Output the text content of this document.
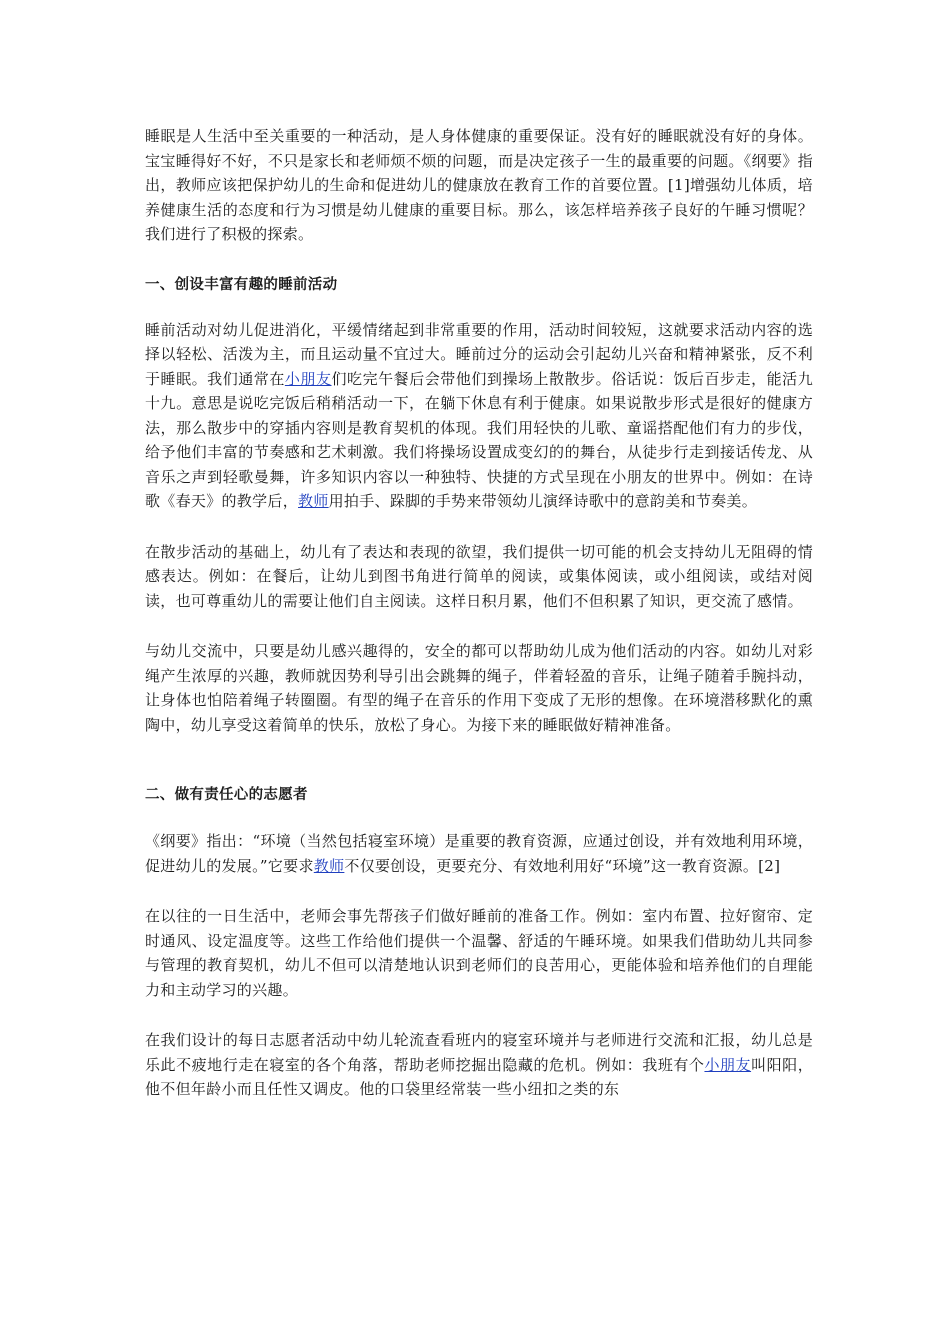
睡眠是人生活中至关重要的一种活动，是人身体健康的重要保证。没有好的睡眠就没有好的身体。宝宝睡得好不好，不只是家长和老师烦不烦的问题，而是决定孩子一生的最重要的问题。《纲要》指出，教师应该把保护幼儿的生命和促进幼儿的健康放在教育工作的首要位置。[1]增强幼儿体质，培养健康生活的态度和行为习惯是幼儿健康的重要目标。那么，该怎样培养孩子良好的午睡习惯呢？我们进行了积极的探索。

一、创设丰富有趣的睡前活动

睡前活动对幼儿促进消化，平缓情绪起到非常重要的作用，活动时间较短，这就要求活动内容的选择以轻松、活泼为主，而且运动量不宜过大。睡前过分的运动会引起幼儿兴奋和精神紧张，反不利于睡眠。我们通常在小朋友们吃完午餐后会带他们到操场上散散步。俗话说：饭后百步走，能活九十九。意思是说吃完饭后稍稍活动一下，在躺下休息有利于健康。如果说散步形式是很好的健康方法，那么散步中的穿插内容则是教育契机的体现。我们用轻快的儿歌、童谣搭配他们有力的步伐，给予他们丰富的节奏感和艺术刺激。我们将操场设置成变幻的的舞台，从徒步行走到接话传龙、从音乐之声到轻歌曼舞，许多知识内容以一种独特、快捷的方式呈现在小朋友的世界中。例如：在诗歌《春天》的教学后，教师用拍手、跺脚的手势来带领幼儿演绎诗歌中的意韵美和节奏美。

在散步活动的基础上，幼儿有了表达和表现的欲望，我们提供一切可能的机会支持幼儿无阻碍的情感表达。例如：在餐后，让幼儿到图书角进行简单的阅读，或集体阅读，或小组阅读，或结对阅读，也可尊重幼儿的需要让他们自主阅读。这样日积月累，他们不但积累了知识，更交流了感情。

与幼儿交流中，只要是幼儿感兴趣得的，安全的都可以帮助幼儿成为他们活动的内容。如幼儿对彩绳产生浓厚的兴趣，教师就因势利导引出会跳舞的绳子，伴着轻盈的音乐，让绳子随着手腕抖动，让身体也怕陪着绳子转圈圈。有型的绳子在音乐的作用下变成了无形的想像。在环境潜移默化的熏陶中，幼儿享受这着简单的快乐，放松了身心。为接下来的睡眠做好精神准备。

二、做有责任心的志愿者

《纲要》指出：“环境（当然包括寝室环境）是重要的教育资源，应通过创设，并有效地利用环境，促进幼儿的发展。”它要求教师不仅要创设，更要充分、有效地利用好“环境”这一教育资源。[2]

在以往的一日生活中，老师会事先帮孩子们做好睡前的准备工作。例如：室内布置、拉好窗帘、定时通风、设定温度等。这些工作给他们提供一个温馨、舒适的午睡环境。如果我们借助幼儿共同参与管理的教育契机，幼儿不但可以清楚地认识到老师们的良苦用心，更能体验和培养他们的自理能力和主动学习的兴趣。

在我们设计的每日志愿者活动中幼儿轮流查看班内的寝室环境并与老师进行交流和汇报，幼儿总是乐此不疲地行走在寝室的各个角落，帮助老师挖掘出隐藏的危机。例如：我班有个小朋友叫阳阳，他不但年龄小而且任性又调皮。他的口袋里经常装一些小纽扣之类的东
